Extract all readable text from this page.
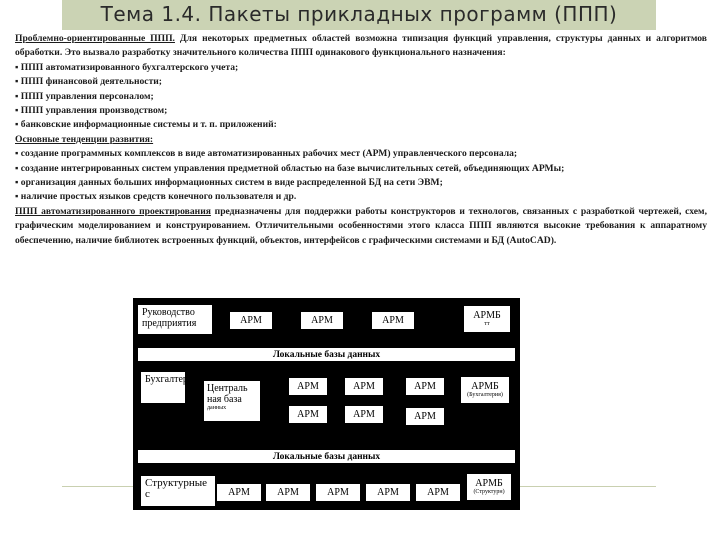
Тема 1.4. Пакеты прикладных программ (ППП)

Проблемно-ориентированные ППП. Для некоторых предметных областей возможна типизация функций управления, структуры данных и алгоритмов обработки. Это вызвало разработку значительного количества ППП одинакового функционального назначения:

▪ ППП автоматизированного бухгалтерского учета;

▪ ППП финансовой деятельности;

▪ ППП управления персоналом;

▪ ППП управления производством;

▪ банковские информационные системы и т. п. приложений:

Основные тенденции развития:

▪ создание программных комплексов в виде автоматизированных рабочих мест (АРМ) управленческого персонала;

▪ создание интегрированных систем управления предметной областью на базе вычислительных сетей, объединяющих АРМы;

▪ организация данных больших информационных систем в виде распределенной БД на сети ЭВМ;

▪ наличие простых языков средств конечного пользователя и др.

ППП автоматизированного проектирования предназначены для поддержки работы конструкторов и технологов, связанных с разработкой чертежей, схем, графическим моделированием и конструированием. Отличительными особенностями этого класса ППП являются высокие требования к аппаратному обеспечению, наличие библиотек встроенных функций, объектов, интерфейсов с графическими системами и БД (AutoCAD).

Руководство предприятия	АРМ	АРМ	АРМ	АРМБ
тт
Локальные базы данных
Бухгалтерия
Централь ная база
данных
АРМ	АРМ	АРМ	АРМБ
(Бухгалтерия)
АРМ	АРМ	АРМ
Локальные базы данных
Структурные с	АРМ	АРМ	АРМ	АРМ	АРМ
АРМБ
(Структурн)
